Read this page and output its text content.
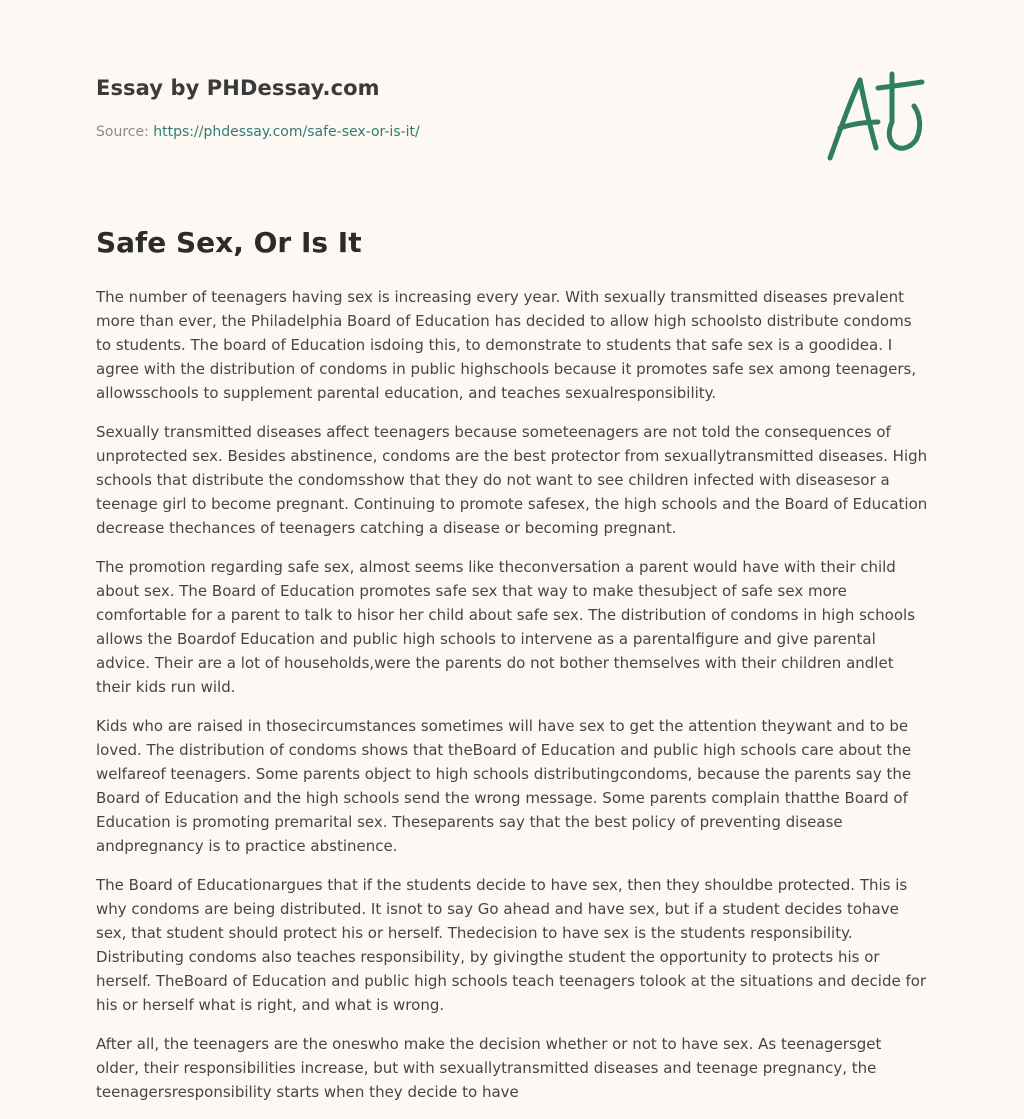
Essay by PHDessay.com
Source: https://phdessay.com/safe-sex-or-is-it/
Safe Sex, Or Is It

The number of teenagers having sex is increasing every year. With sexually transmitted diseases prevalent more than ever, the Philadelphia Board of Education has decided to allow high schoolsto distribute condoms to students. The board of Education isdoing this, to demonstrate to students that safe sex is a goodidea. I agree with the distribution of condoms in public highschools because it promotes safe sex among teenagers, allowsschools to supplement parental education, and teaches sexualresponsibility.

Sexually transmitted diseases affect teenagers because someteenagers are not told the consequences of unprotected sex. Besides abstinence, condoms are the best protector from sexuallytransmitted diseases. High schools that distribute the condomsshow that they do not want to see children infected with diseasesor a teenage girl to become pregnant. Continuing to promote safesex, the high schools and the Board of Education decrease thechances of teenagers catching a disease or becoming pregnant.

The promotion regarding safe sex, almost seems like theconversation a parent would have with their child about sex. The Board of Education promotes safe sex that way to make thesubject of safe sex more comfortable for a parent to talk to hisor her child about safe sex. The distribution of condoms in high schools allows the Boardof Education and public high schools to intervene as a parentalfigure and give parental advice. Their are a lot of households,were the parents do not bother themselves with their children andlet their kids run wild.

Kids who are raised in thosecircumstances sometimes will have sex to get the attention theywant and to be loved. The distribution of condoms shows that theBoard of Education and public high schools care about the welfareof teenagers. Some parents object to high schools distributingcondoms, because the parents say the Board of Education and the high schools send the wrong message. Some parents complain thatthe Board of Education is promoting premarital sex. Theseparents say that the best policy of preventing disease andpregnancy is to practice abstinence.

The Board of Educationargues that if the students decide to have sex, then they shouldbe protected. This is why condoms are being distributed. It isnot to say Go ahead and have sex, but if a student decides tohave sex, that student should protect his or herself. Thedecision to have sex is the students responsibility. Distributing condoms also teaches responsibility, by givingthe student the opportunity to protects his or herself. TheBoard of Education and public high schools teach teenagers tolook at the situations and decide for his or herself what is right, and what is wrong.

After all, the teenagers are the oneswho make the decision whether or not to have sex. As teenagersget older, their responsibilities increase, but with sexuallytransmitted diseases and teenage pregnancy, the teenagersresponsibility starts when they decide to have
